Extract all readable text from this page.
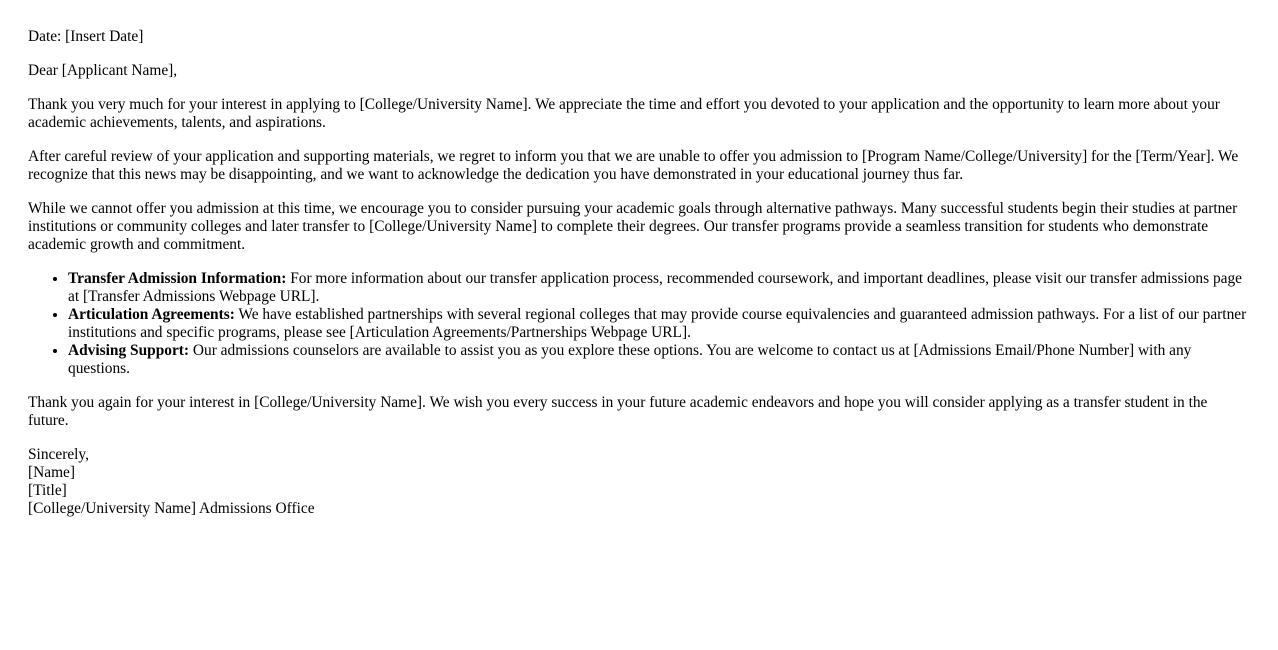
Date: [Insert Date]

Dear [Applicant Name],

Thank you very much for your interest in applying to [College/University Name]. We appreciate the time and effort you devoted to your application and the opportunity to learn more about your academic achievements, talents, and aspirations.

After careful review of your application and supporting materials, we regret to inform you that we are unable to offer you admission to [Program Name/College/University] for the [Term/Year]. We recognize that this news may be disappointing, and we want to acknowledge the dedication you have demonstrated in your educational journey thus far.

While we cannot offer you admission at this time, we encourage you to consider pursuing your academic goals through alternative pathways. Many successful students begin their studies at partner institutions or community colleges and later transfer to [College/University Name] to complete their degrees. Our transfer programs provide a seamless transition for students who demonstrate academic growth and commitment.

• Transfer Admission Information: For more information about our transfer application process, recommended coursework, and important deadlines, please visit our transfer admissions page at [Transfer Admissions Webpage URL].
• Articulation Agreements: We have established partnerships with several regional colleges that may provide course equivalencies and guaranteed admission pathways. For a list of our partner institutions and specific programs, please see [Articulation Agreements/Partnerships Webpage URL].
• Advising Support: Our admissions counselors are available to assist you as you explore these options. You are welcome to contact us at [Admissions Email/Phone Number] with any questions.

Thank you again for your interest in [College/University Name]. We wish you every success in your future academic endeavors and hope you will consider applying as a transfer student in the future.

Sincerely,
[Name]
[Title]
[College/University Name] Admissions Office
